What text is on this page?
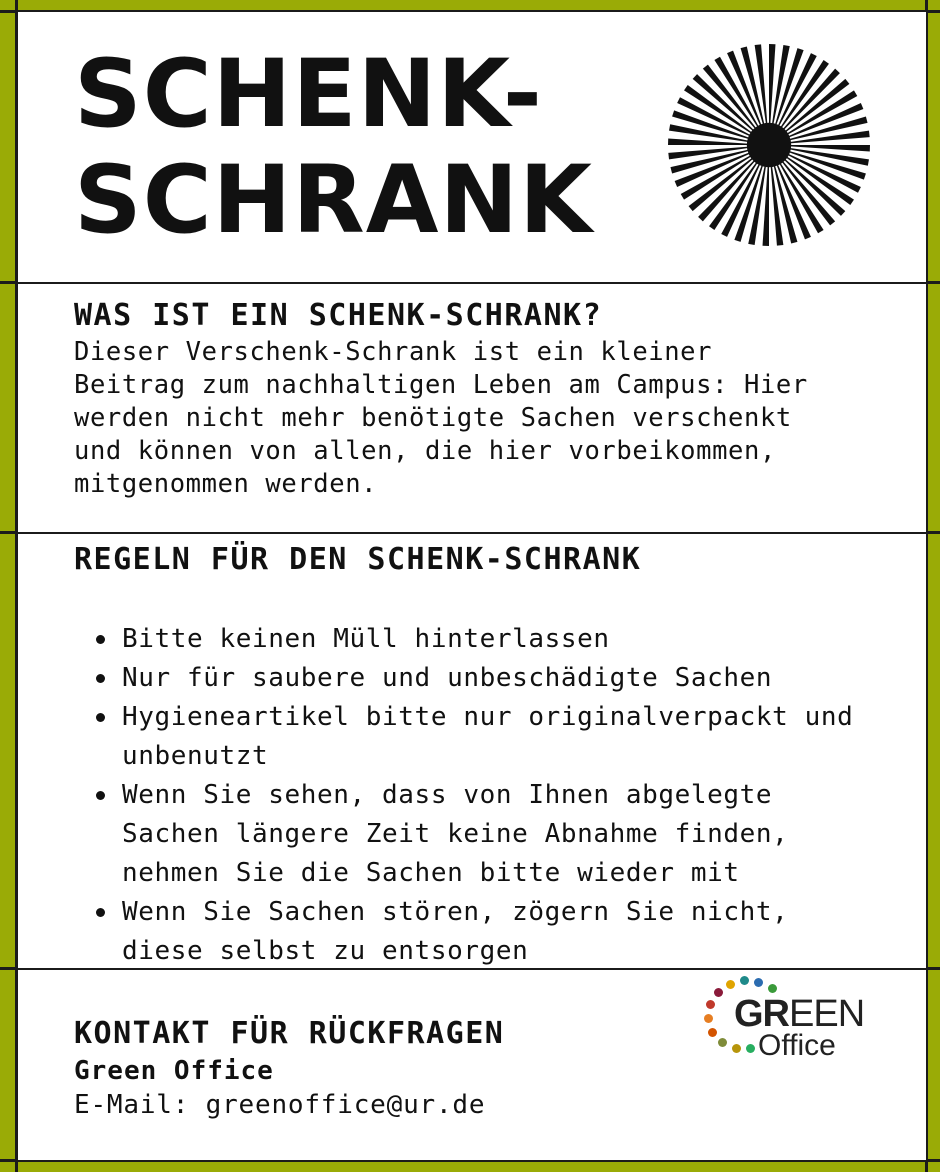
SCHENK-
SCHRANK
WAS IST EIN SCHENK-SCHRANK?

Dieser Verschenk-Schrank ist ein kleiner Beitrag zum nachhaltigen Leben am Campus: Hier werden nicht mehr benötigte Sachen verschenkt und können von allen, die hier vorbeikommen, mitgenommen werden.

REGELN FÜR DEN SCHENK-SCHRANK
Bitte keinen Müll hinterlassen
Nur für saubere und unbeschädigte Sachen
Hygieneartikel bitte nur originalverpackt und unbenutzt
Wenn Sie sehen, dass von Ihnen abgelegte Sachen längere Zeit keine Abnahme finden, nehmen Sie die Sachen bitte wieder mit
Wenn Sie Sachen stören, zögern Sie nicht, diese selbst zu entsorgen
KONTAKT FÜR RÜCKFRAGEN

Green Office

E-Mail: greenoffice@ur.de

GREEN
Office
